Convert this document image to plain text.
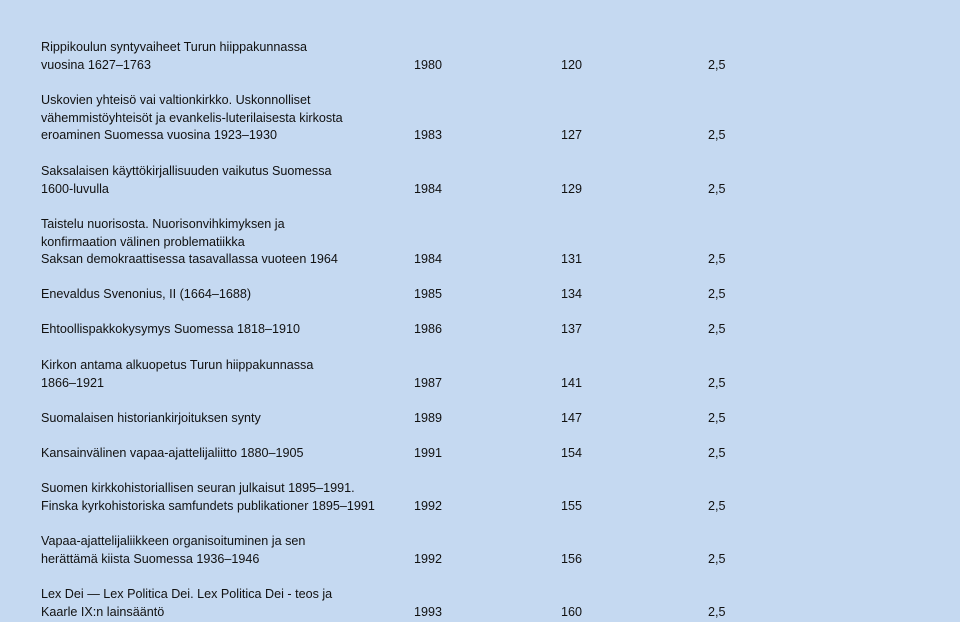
Rippikoulun syntyvaiheet Turun hiippakunnassa
vuosina 1627–1763	1980	120	2,5
Uskovien yhteisö vai valtionkirkko. Uskonnolliset
vähemmistöyhteisöt ja evankelis-luterilaisesta kirkosta
eroaminen Suomessa vuosina 1923–1930	1983	127	2,5
Saksalaisen käyttökirjallisuuden vaikutus Suomessa
1600-luvulla	1984	129	2,5
Taistelu nuorisosta. Nuorisonvihkimyksen ja
konfirmaation välinen problematiikka
Saksan demokraattisessa tasavallassa vuoteen 1964	1984	131	2,5
Enevaldus Svenonius, II (1664–1688)	1985	134	2,5
Ehtoollispakkokysymys Suomessa 1818–1910	1986	137	2,5
Kirkon antama alkuopetus Turun hiippakunnassa
1866–1921	1987	141	2,5
Suomalaisen historiankirjoituksen synty	1989	147	2,5
Kansainvälinen vapaa-ajattelijaliitto 1880–1905	1991	154	2,5
Suomen kirkkohistoriallisen seuran julkaisut 1895–1991.
Finska kyrkohistoriska samfundets publikationer 1895–1991	1992	155	2,5
Vapaa-ajattelijaliikkeen organisoituminen ja sen
herättämä kiista Suomessa 1936–1946	1992	156	2,5
Lex Dei — Lex Politica Dei. Lex Politica Dei - teos ja
Kaarle IX:n lainsääntö	1993	160	2,5
